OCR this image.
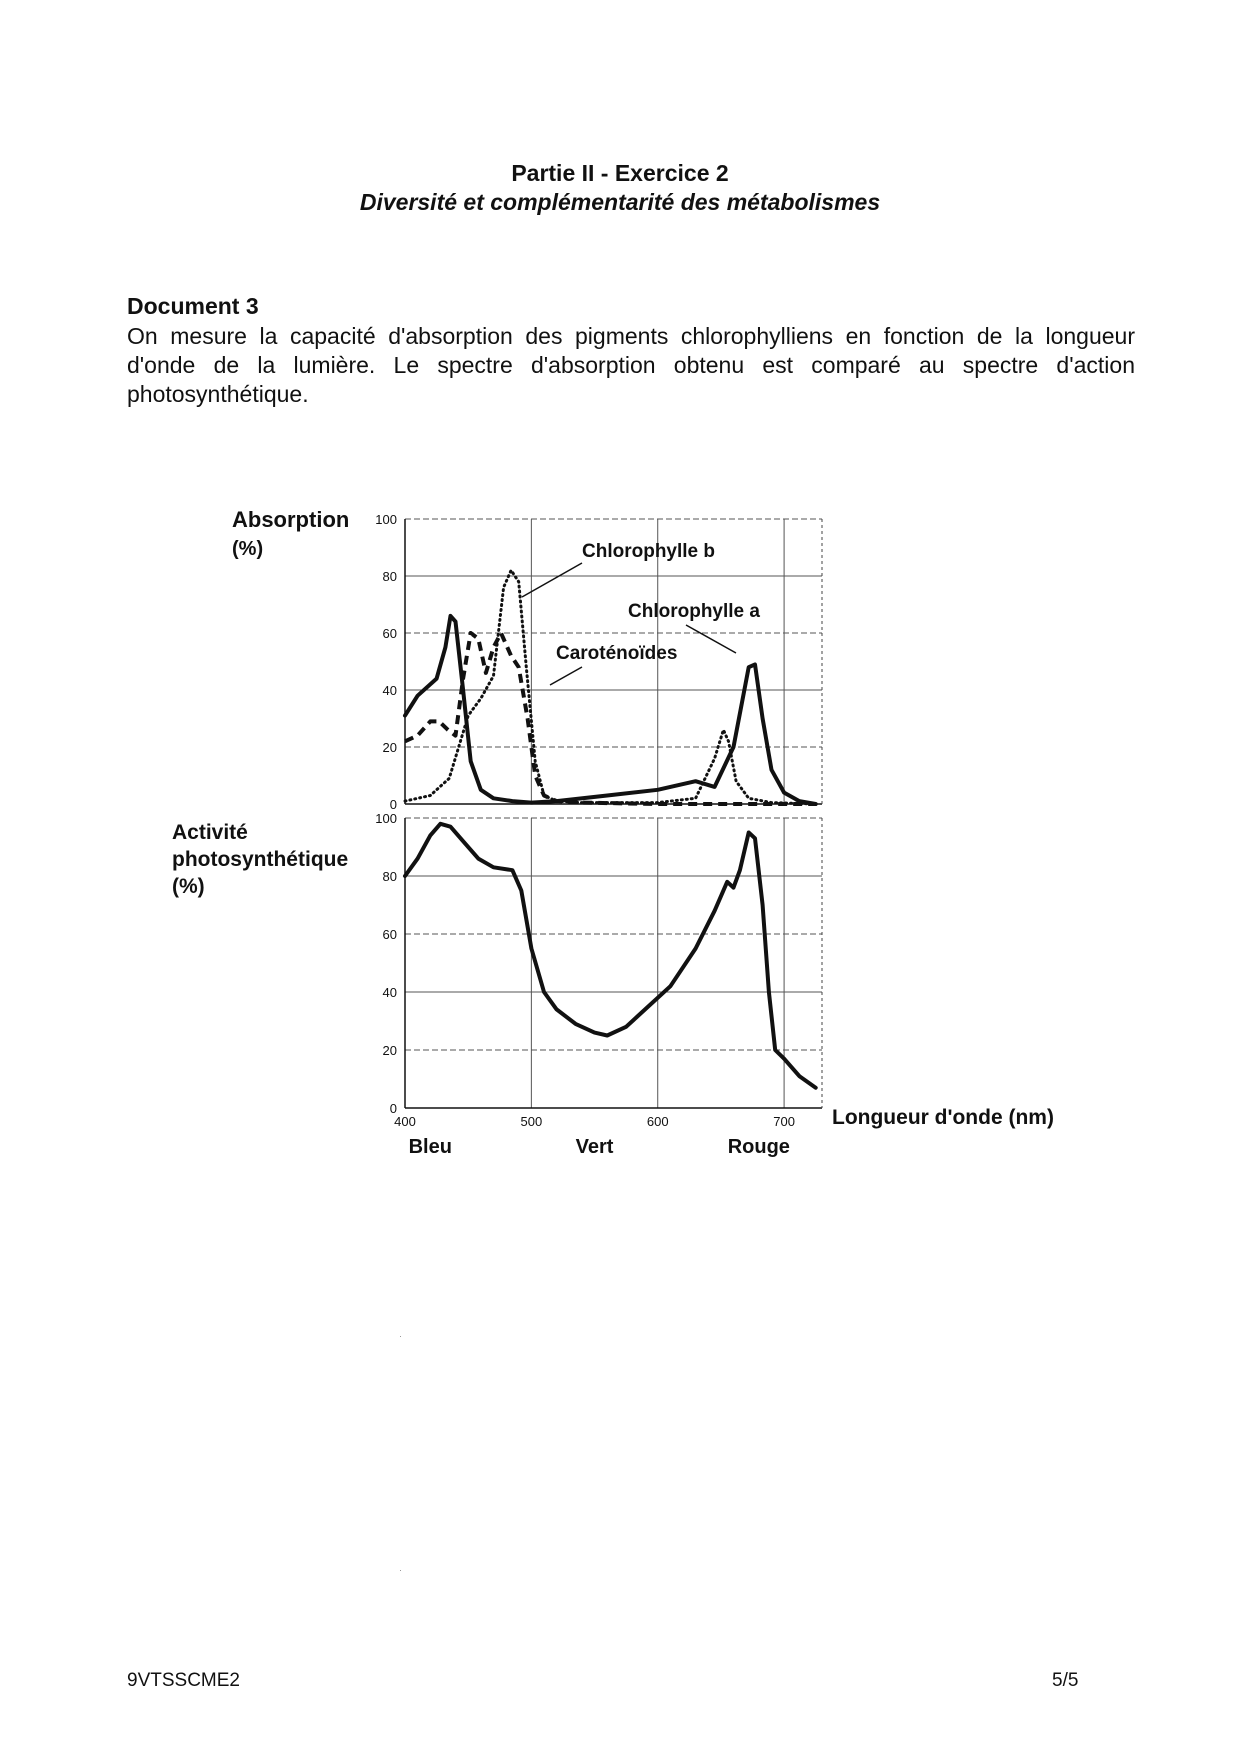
Partie II - Exercice 2
Diversité et complémentarité des métabolismes
Document 3
On mesure la capacité d'absorption des pigments chlorophylliens en fonction de la longueur d'onde de la lumière. Le spectre d'absorption obtenu est comparé au spectre d'action photosynthétique.
0
20
40
60
80
100
Absorption
(%)
0
20
40
60
80
100
Activité
photosynthétique
(%)
400	500	600	700
Bleu	Vert	Rouge
Longueur d'onde (nm)
Chlorophylle b
Chlorophylle a
Caroténoïdes
9VTSSCME2	5/5
